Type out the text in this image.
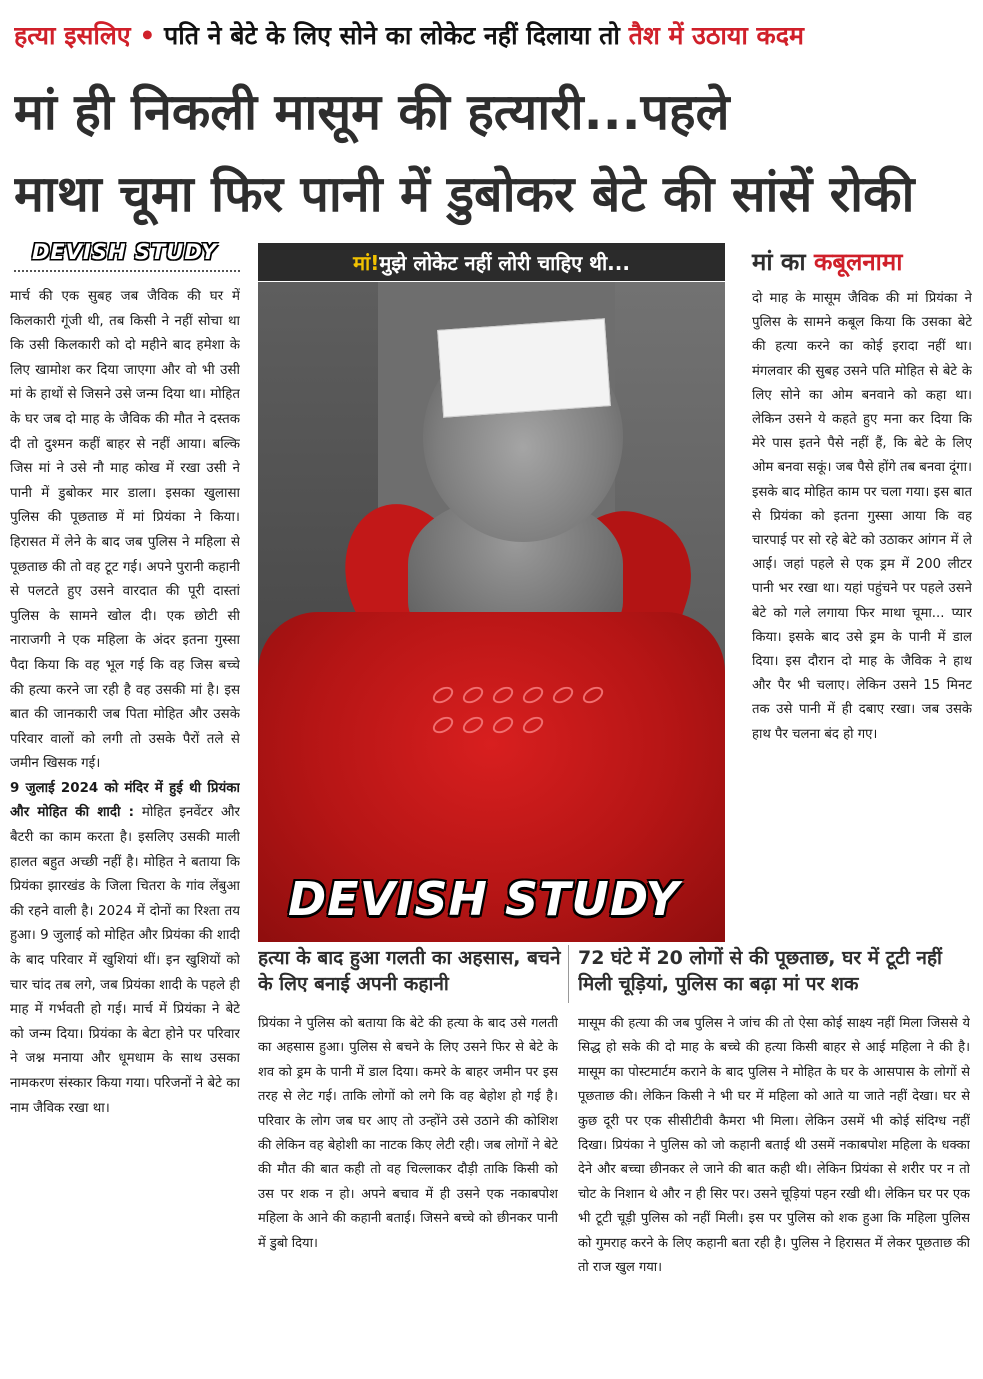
हत्या इसलिए • पति ने बेटे के लिए सोने का लोकेट नहीं दिलाया तो तैश में उठाया कदम
मां ही निकली मासूम की हत्यारी...पहले
माथा चूमा फिर पानी में डुबोकर बेटे की सांसें रोकी
DEVISH STUDY

मार्च की एक सुबह जब जैविक की घर में किलकारी गूंजी थी, तब किसी ने नहीं सोचा था कि उसी किलकारी को दो महीने बाद हमेशा के लिए खामोश कर दिया जाएगा और वो भी उसी मां के हाथों से जिसने उसे जन्म दिया था। मोहित के घर जब दो माह के जैविक की मौत ने दस्तक दी तो दुश्मन कहीं बाहर से नहीं आया। बल्कि जिस मां ने उसे नौ माह कोख में रखा उसी ने पानी में डुबोकर मार डाला। इसका खुलासा पुलिस की पूछताछ में मां प्रियंका ने किया। हिरासत में लेने के बाद जब पुलिस ने महिला से पूछताछ की तो वह टूट गई। अपने पुरानी कहानी से पलटते हुए उसने वारदात की पूरी दास्तां पुलिस के सामने खोल दी। एक छोटी सी नाराजगी ने एक महिला के अंदर इतना गुस्सा पैदा किया कि वह भूल गई कि वह जिस बच्चे की हत्या करने जा रही है वह उसकी मां है। इस बात की जानकारी जब पिता मोहित और उसके परिवार वालों को लगी तो उसके पैरों तले से जमीन खिसक गई।

9 जुलाई 2024 को मंदिर में हुई थी प्रियंका और मोहित की शादी : मोहित इनवेंटर और बैटरी का काम करता है। इसलिए उसकी माली हालत बहुत अच्छी नहीं है। मोहित ने बताया कि प्रियंका झारखंड के जिला चितरा के गांव लेंबुआ की रहने वाली है। 2024 में दोनों का रिश्ता तय हुआ। 9 जुलाई को मोहित और प्रियंका की शादी के बाद परिवार में खुशियां थीं। इन खुशियों को चार चांद तब लगे, जब प्रियंका शादी के पहले ही माह में गर्भवती हो गई। मार्च में प्रियंका ने बेटे को जन्म दिया। प्रियंका के बेटा होने पर परिवार ने जश्न मनाया और धूमधाम के साथ उसका नामकरण संस्कार किया गया। परिजनों ने बेटे का नाम जैविक रखा था।

मां! मुझे लोकेट नहीं लोरी चाहिए थी...
DEVISH STUDY
मां का कबूलनामा

दो माह के मासूम जैविक की मां प्रियंका ने पुलिस के सामने कबूल किया कि उसका बेटे की हत्या करने का कोई इरादा नहीं था। मंगलवार की सुबह उसने पति मोहित से बेटे के लिए सोने का ओम बनवाने को कहा था। लेकिन उसने ये कहते हुए मना कर दिया कि मेरे पास इतने पैसे नहीं हैं, कि बेटे के लिए ओम बनवा सकूं। जब पैसे होंगे तब बनवा दूंगा। इसके बाद मोहित काम पर चला गया। इस बात से प्रियंका को इतना गुस्सा आया कि वह चारपाई पर सो रहे बेटे को उठाकर आंगन में ले आई। जहां पहले से एक ड्रम में 200 लीटर पानी भर रखा था। यहां पहुंचने पर पहले उसने बेटे को गले लगाया फिर माथा चूमा... प्यार किया। इसके बाद उसे ड्रम के पानी में डाल दिया। इस दौरान दो माह के जैविक ने हाथ और पैर भी चलाए। लेकिन उसने 15 मिनट तक उसे पानी में ही दबाए रखा। जब उसके हाथ पैर चलना बंद हो गए।

हत्या के बाद हुआ गलती का अहसास, बचने के लिए बनाई अपनी कहानी
72 घंटे में 20 लोगों से की पूछताछ, घर में टूटी नहीं मिली चूड़ियां, पुलिस का बढ़ा मां पर शक

प्रियंका ने पुलिस को बताया कि बेटे की हत्या के बाद उसे गलती का अहसास हुआ। पुलिस से बचने के लिए उसने फिर से बेटे के शव को ड्रम के पानी में डाल दिया। कमरे के बाहर जमीन पर इस तरह से लेट गई। ताकि लोगों को लगे कि वह बेहोश हो गई है। परिवार के लोग जब घर आए तो उन्होंने उसे उठाने की कोशिश की लेकिन वह बेहोशी का नाटक किए लेटी रही। जब लोगों ने बेटे की मौत की बात कही तो वह चिल्लाकर दौड़ी ताकि किसी को उस पर शक न हो। अपने बचाव में ही उसने एक नकाबपोश महिला के आने की कहानी बताई। जिसने बच्चे को छीनकर पानी में डुबो दिया।

मासूम की हत्या की जब पुलिस ने जांच की तो ऐसा कोई साक्ष्य नहीं मिला जिससे ये सिद्ध हो सके की दो माह के बच्चे की हत्या किसी बाहर से आई महिला ने की है। मासूम का पोस्टमार्टम कराने के बाद पुलिस ने मोहित के घर के आसपास के लोगों से पूछताछ की। लेकिन किसी ने भी घर में महिला को आते या जाते नहीं देखा। घर से कुछ दूरी पर एक सीसीटीवी कैमरा भी मिला। लेकिन उसमें भी कोई संदिग्ध नहीं दिखा। प्रियंका ने पुलिस को जो कहानी बताई थी उसमें नकाबपोश महिला के धक्का देने और बच्चा छीनकर ले जाने की बात कही थी। लेकिन प्रियंका से शरीर पर न तो चोट के निशान थे और न ही सिर पर। उसने चूड़ियां पहन रखी थी। लेकिन घर पर एक भी टूटी चूड़ी पुलिस को नहीं मिली। इस पर पुलिस को शक हुआ कि महिला पुलिस को गुमराह करने के लिए कहानी बता रही है। पुलिस ने हिरासत में लेकर पूछताछ की तो राज खुल गया।
